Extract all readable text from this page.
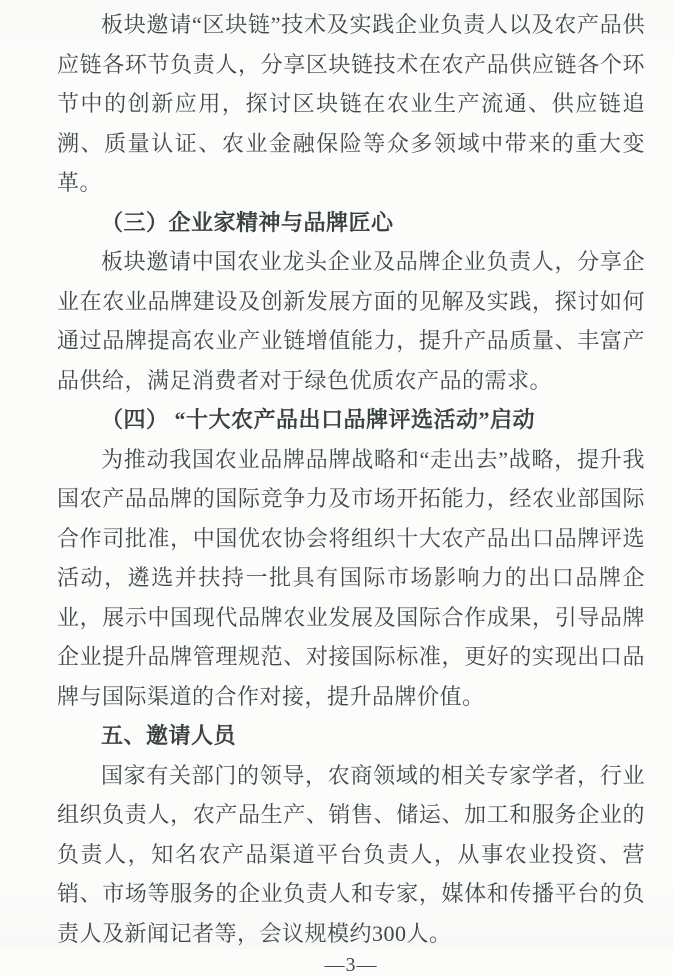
板块邀请“区块链”技术及实践企业负责人以及农产品供应链各环节负责人，分享区块链技术在农产品供应链各个环节中的创新应用，探讨区块链在农业生产流通、供应链追溯、质量认证、农业金融保险等众多领域中带来的重大变革。

（三）企业家精神与品牌匠心

板块邀请中国农业龙头企业及品牌企业负责人，分享企业在农业品牌建设及创新发展方面的见解及实践，探讨如何通过品牌提高农业产业链增值能力，提升产品质量、丰富产品供给，满足消费者对于绿色优质农产品的需求。

（四） “十大农产品出口品牌评选活动”启动

为推动我国农业品牌品牌战略和“走出去”战略，提升我国农产品品牌的国际竞争力及市场开拓能力，经农业部国际合作司批准，中国优农协会将组织十大农产品出口品牌评选活动，遴选并扶持一批具有国际市场影响力的出口品牌企业，展示中国现代品牌农业发展及国际合作成果，引导品牌企业提升品牌管理规范、对接国际标准，更好的实现出口品牌与国际渠道的合作对接，提升品牌价值。

五、邀请人员

国家有关部门的领导，农商领域的相关专家学者，行业组织负责人，农产品生产、销售、储运、加工和服务企业的负责人，知名农产品渠道平台负责人，从事农业投资、营销、市场等服务的企业负责人和专家，媒体和传播平台的负责人及新闻记者等，会议规模约300人。

—3—
